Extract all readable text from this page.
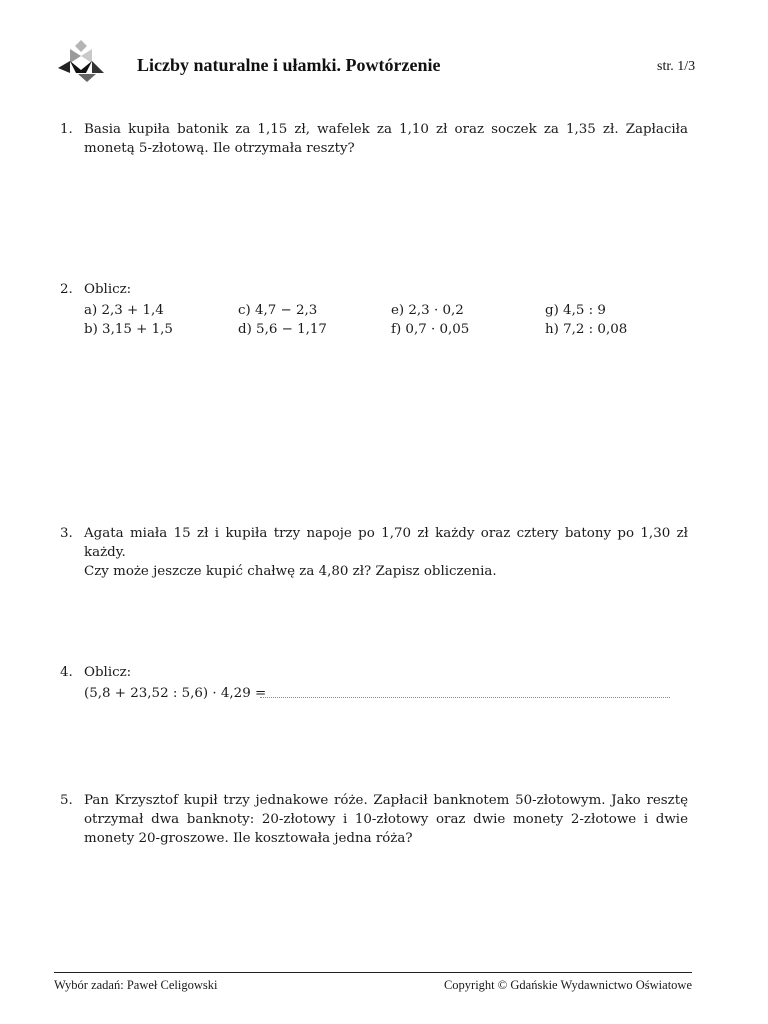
Liczby naturalne i ułamki. Powtórzenie	str. 1/3
1. Basia kupiła batonik za 1,15 zł, wafelek za 1,10 zł oraz soczek za 1,35 zł. Zapłaciła monetą 5-złotową. Ile otrzymała reszty?
2. Oblicz:
a) 2,3 + 1,4
b) 3,15 + 1,5
c) 4,7 − 2,3
d) 5,6 − 1,17
e) 2,3 · 0,2
f) 0,7 · 0,05
g) 4,5 : 9
h) 7,2 : 0,08
3. Agata miała 15 zł i kupiła trzy napoje po 1,70 zł każdy oraz cztery batony po 1,30 zł każdy.

Czy może jeszcze kupić chałwę za 4,80 zł? Zapisz obliczenia.

4. Oblicz:
(5,8 + 23,52 : 5,6) · 4,29 =
5. Pan Krzysztof kupił trzy jednakowe róże. Zapłacił banknotem 50-złotowym. Jako resztę otrzymał dwa banknoty: 20-złotowy i 10-złotowy oraz dwie monety 2-złotowe i dwie monety 20-groszowe. Ile kosztowała jedna róża?
Wybór zadań: Paweł Celigowski	Copyright © Gdańskie Wydawnictwo Oświatowe
